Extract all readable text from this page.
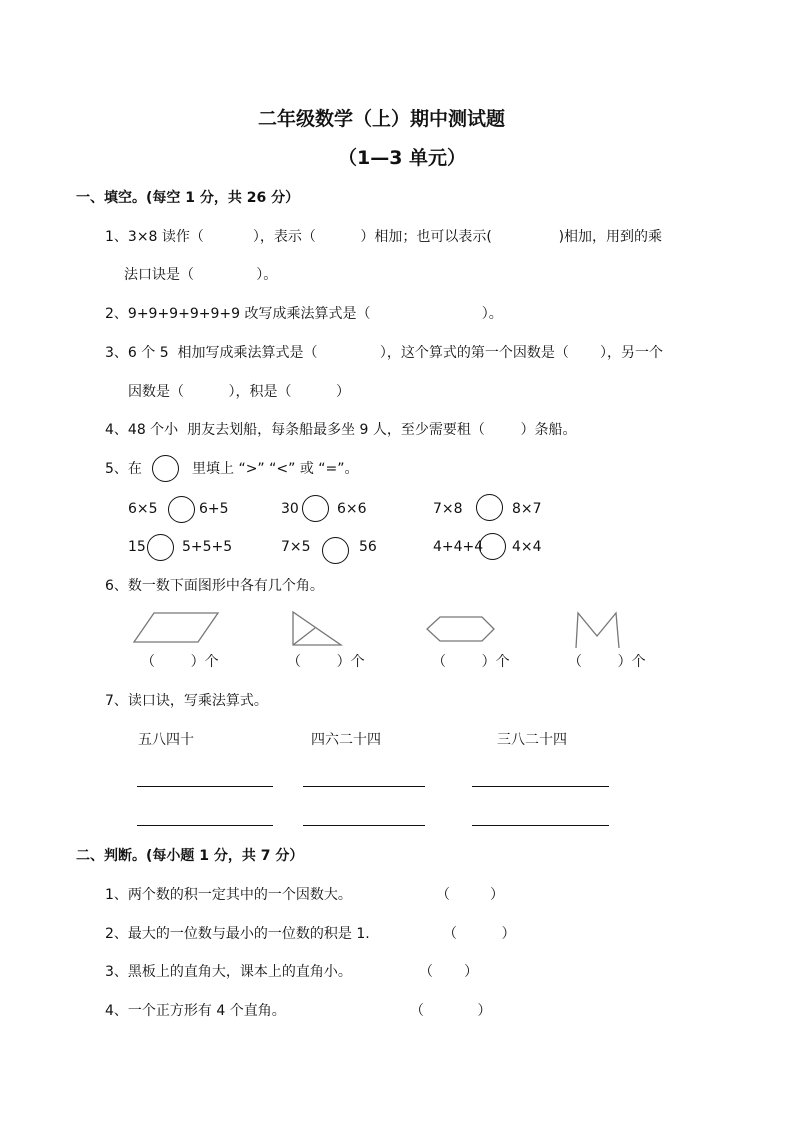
二年级数学（上）期中测试题
（1—3 单元）
一、填空。(每空 1 分，共 26 分）
1、3×8 读作（           ），表示（          ）相加；也可以表示(               )相加，用到的乘
法口诀是（              ）。
2、9+9+9+9+9+9 改写成乘法算式是（                         ）。
3、6 个 5  相加写成乘法算式是（              ），这个算式的第一个因数是（       ），另一个
因数是（          ），积是（          ）
4、48 个小  朋友去划船，每条船最多坐 9 人，至少需要租（        ）条船。
5、在	里填上 “>” “<” 或 “=”。
6×5	6+5	30	6×6	7×8	8×7
15	5+5+5	7×5	56	4+4+4 4×4
6、数一数下面图形中各有几个角。
（        ）个	（        ）个	（        ）个	（        ）个
7、读口诀，写乘法算式。
五八四十	四六二十四	三八二十四
二、判断。(每小题 1 分，共 7 分）
1、两个数的积一定其中的一个因数大。	（         ）
2、最大的一位数与最小的一位数的积是 1.	（          ）
3、黑板上的直角大，课本上的直角小。	（       ）
4、一个正方形有 4 个直角。	（            ）
